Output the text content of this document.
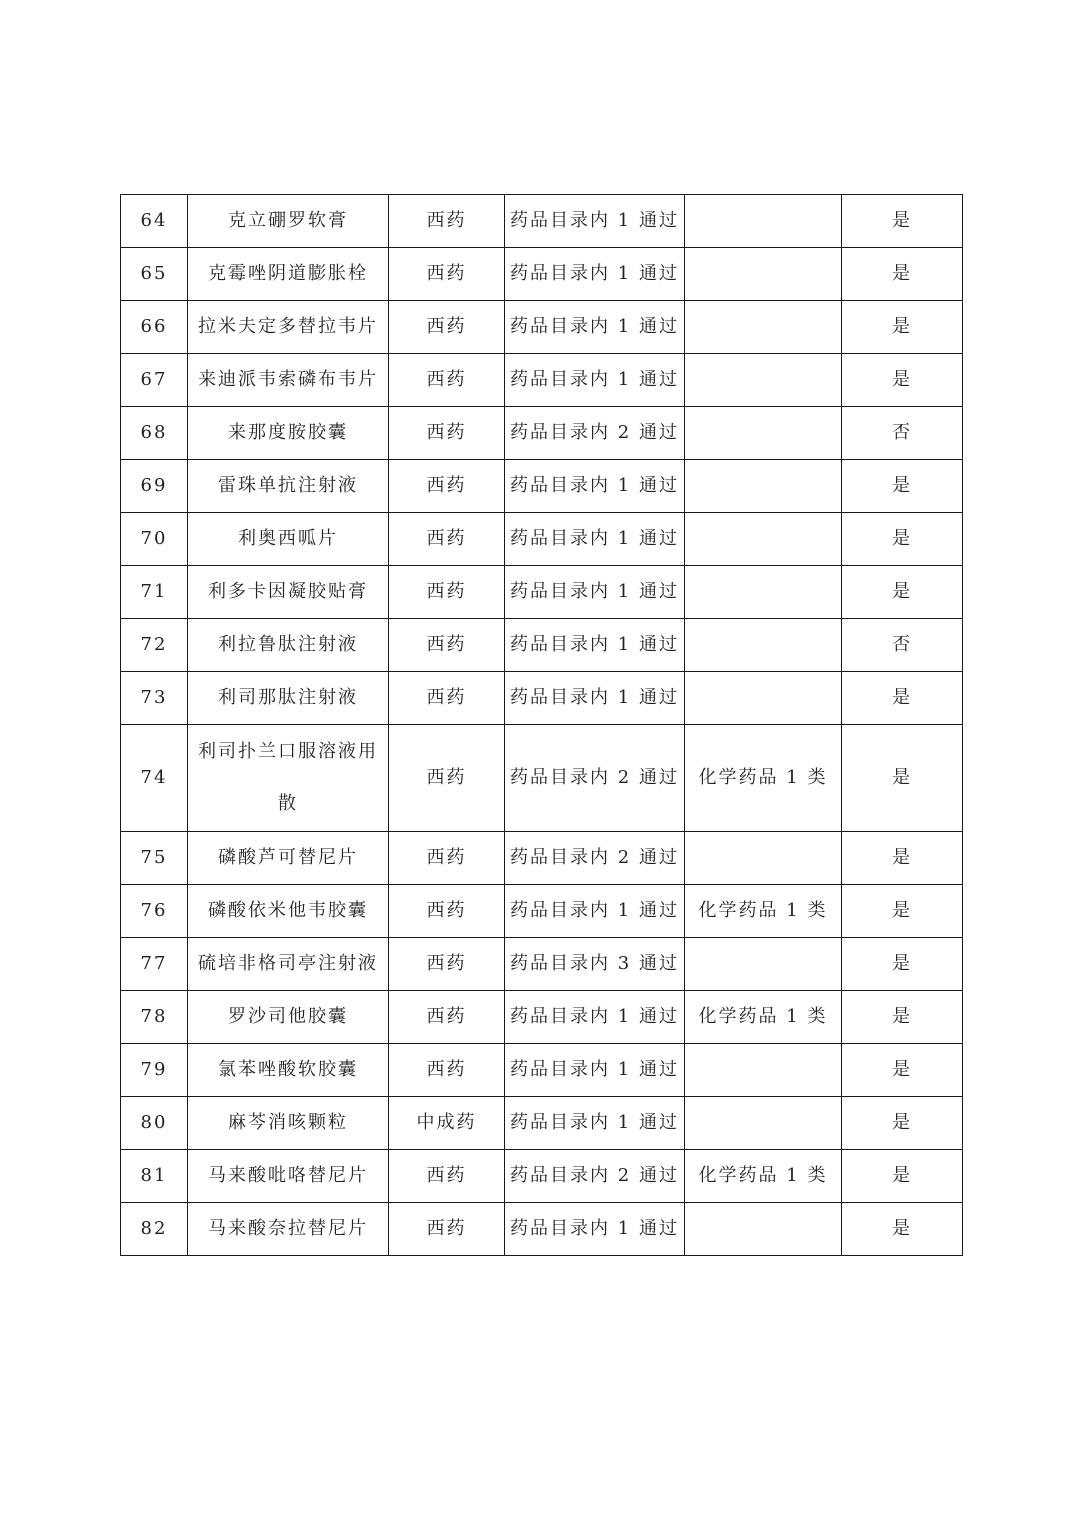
64	克立硼罗软膏	西药	药品目录内 1 通过		是
65	克霉唑阴道膨胀栓	西药	药品目录内 1 通过		是
66	拉米夫定多替拉韦片	西药	药品目录内 1 通过		是
67	来迪派韦索磷布韦片	西药	药品目录内 1 通过		是
68	来那度胺胶囊	西药	药品目录内 2 通过		否
69	雷珠单抗注射液	西药	药品目录内 1 通过		是
70	利奥西呱片	西药	药品目录内 1 通过		是
71	利多卡因凝胶贴膏	西药	药品目录内 1 通过		是
72	利拉鲁肽注射液	西药	药品目录内 1 通过		否
73	利司那肽注射液	西药	药品目录内 1 通过		是
74	利司扑兰口服溶液用散	西药	药品目录内 2 通过	化学药品 1 类	是
75	磷酸芦可替尼片	西药	药品目录内 2 通过		是
76	磷酸依米他韦胶囊	西药	药品目录内 1 通过	化学药品 1 类	是
77	硫培非格司亭注射液	西药	药品目录内 3 通过		是
78	罗沙司他胶囊	西药	药品目录内 1 通过	化学药品 1 类	是
79	氯苯唑酸软胶囊	西药	药品目录内 1 通过		是
80	麻芩消咳颗粒	中成药	药品目录内 1 通过		是
81	马来酸吡咯替尼片	西药	药品目录内 2 通过	化学药品 1 类	是
82	马来酸奈拉替尼片	西药	药品目录内 1 通过		是
